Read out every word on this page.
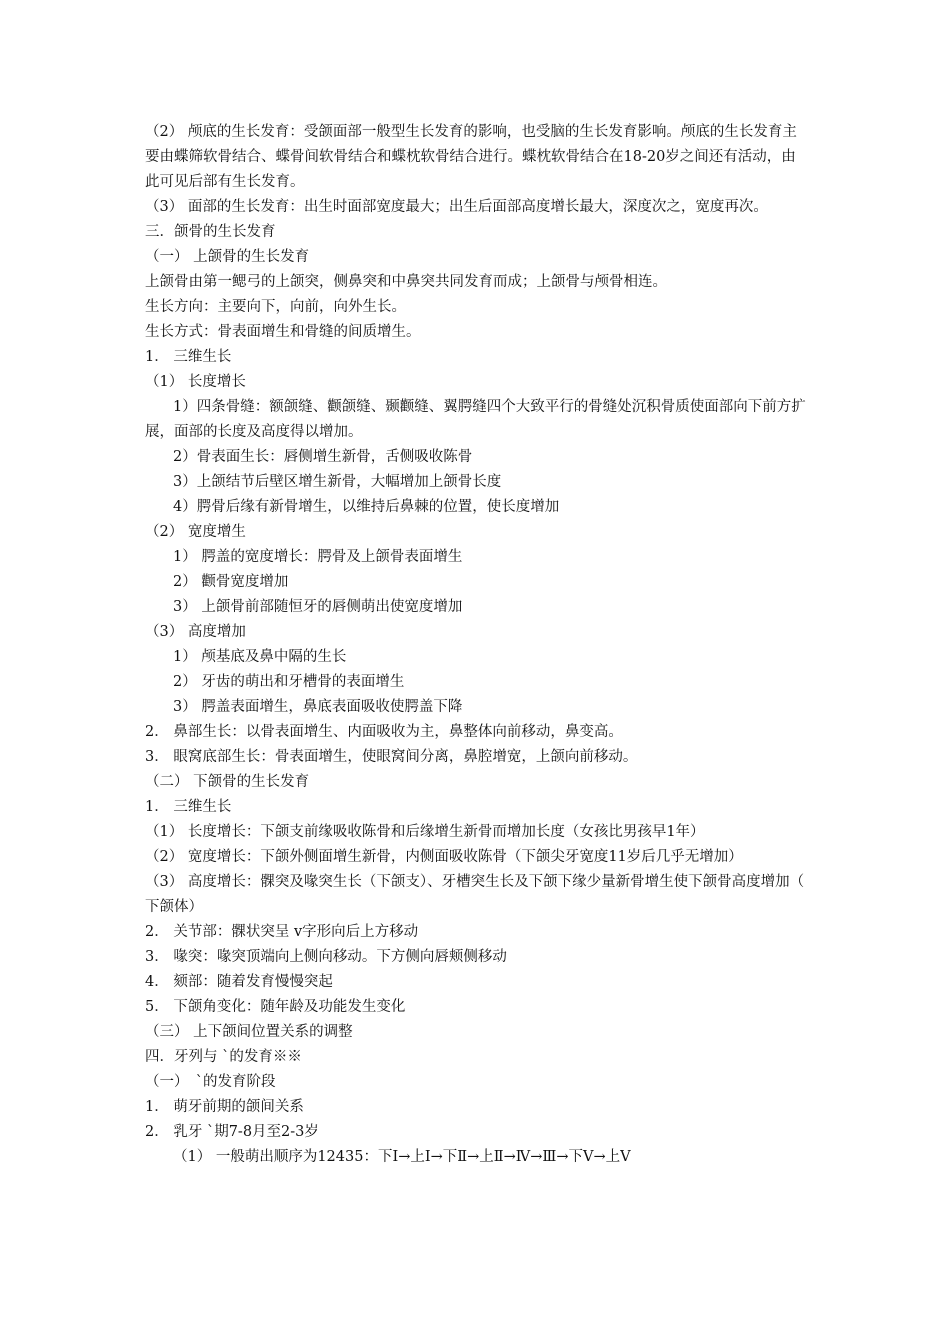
（2） 颅底的生长发育：受颌面部一般型生长发育的影响，也受脑的生长发育影响。颅底的生长发育主要由蝶筛软骨结合、蝶骨间软骨结合和蝶枕软骨结合进行。蝶枕软骨结合在18-20岁之间还有活动，由此可见后部有生长发育。

（3） 面部的生长发育：出生时面部宽度最大；出生后面部高度增长最大，深度次之，宽度再次。

三．颌骨的生长发育

（一） 上颌骨的生长发育

上颌骨由第一鳃弓的上颌突，侧鼻突和中鼻突共同发育而成；上颌骨与颅骨相连。

生长方向：主要向下，向前，向外生长。

生长方式：骨表面增生和骨缝的间质增生。

1． 三维生长

（1） 长度增长

1）四条骨缝：额颌缝、颧颌缝、颞颧缝、翼腭缝四个大致平行的骨缝处沉积骨质使面部向下前方扩展，面部的长度及高度得以增加。

2）骨表面生长：唇侧增生新骨，舌侧吸收陈骨

3）上颌结节后壁区增生新骨，大幅增加上颌骨长度

4）腭骨后缘有新骨增生，以维持后鼻棘的位置，使长度增加

（2） 宽度增生

1） 腭盖的宽度增长：腭骨及上颌骨表面增生

2） 颧骨宽度增加

3） 上颌骨前部随恒牙的唇侧萌出使宽度增加

（3） 高度增加

1） 颅基底及鼻中隔的生长

2） 牙齿的萌出和牙槽骨的表面增生

3） 腭盖表面增生，鼻底表面吸收使腭盖下降

2． 鼻部生长：以骨表面增生、内面吸收为主，鼻整体向前移动，鼻变高。

3． 眼窝底部生长：骨表面增生，使眼窝间分离，鼻腔增宽，上颌向前移动。

（二） 下颌骨的生长发育

1． 三维生长

（1） 长度增长：下颌支前缘吸收陈骨和后缘增生新骨而增加长度（女孩比男孩早1年）

（2） 宽度增长：下颌外侧面增生新骨，内侧面吸收陈骨（下颌尖牙宽度11岁后几乎无增加）

（3） 高度增长：髁突及喙突生长（下颌支）、牙槽突生长及下颌下缘少量新骨增生使下颌骨高度增加（下颌体）

2． 关节部：髁状突呈 v字形向后上方移动

3． 喙突：喙突顶端向上侧向移动。下方侧向唇颊侧移动

4． 颏部：随着发育慢慢突起

5． 下颌角变化：随年龄及功能发生变化

（三） 上下颌间位置关系的调整

四．牙列与 `的发育※※

（一）　`的发育阶段

1． 萌牙前期的颌间关系

2． 乳牙 `期7-8月至2-3岁

（1） 一般萌出顺序为12435：下Ⅰ→上Ⅰ→下Ⅱ→上Ⅱ→Ⅳ→Ⅲ→下Ⅴ→上Ⅴ
